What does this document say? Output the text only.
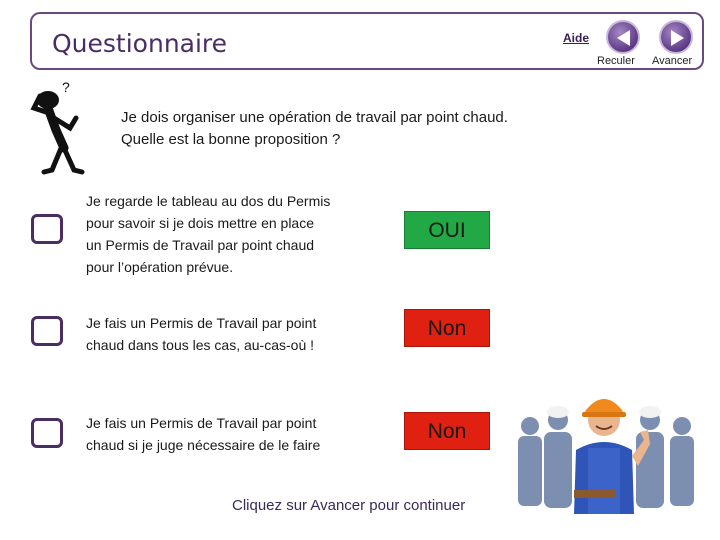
Questionnaire	Aide
Reculer Avancer
?
Je dois organiser une opération de travail par point chaud.
Quelle est la bonne proposition ?
Je regarde le tableau au dos du Permis
pour savoir si je dois mettre en place
un Permis de Travail par point chaud
pour l’opération prévue.
OUI
Je fais un Permis de Travail par point
chaud dans tous les cas, au-cas-où !
Non
Je fais un Permis de Travail par point
chaud si je juge nécessaire de le faire
Non
Cliquez sur Avancer pour continuer
